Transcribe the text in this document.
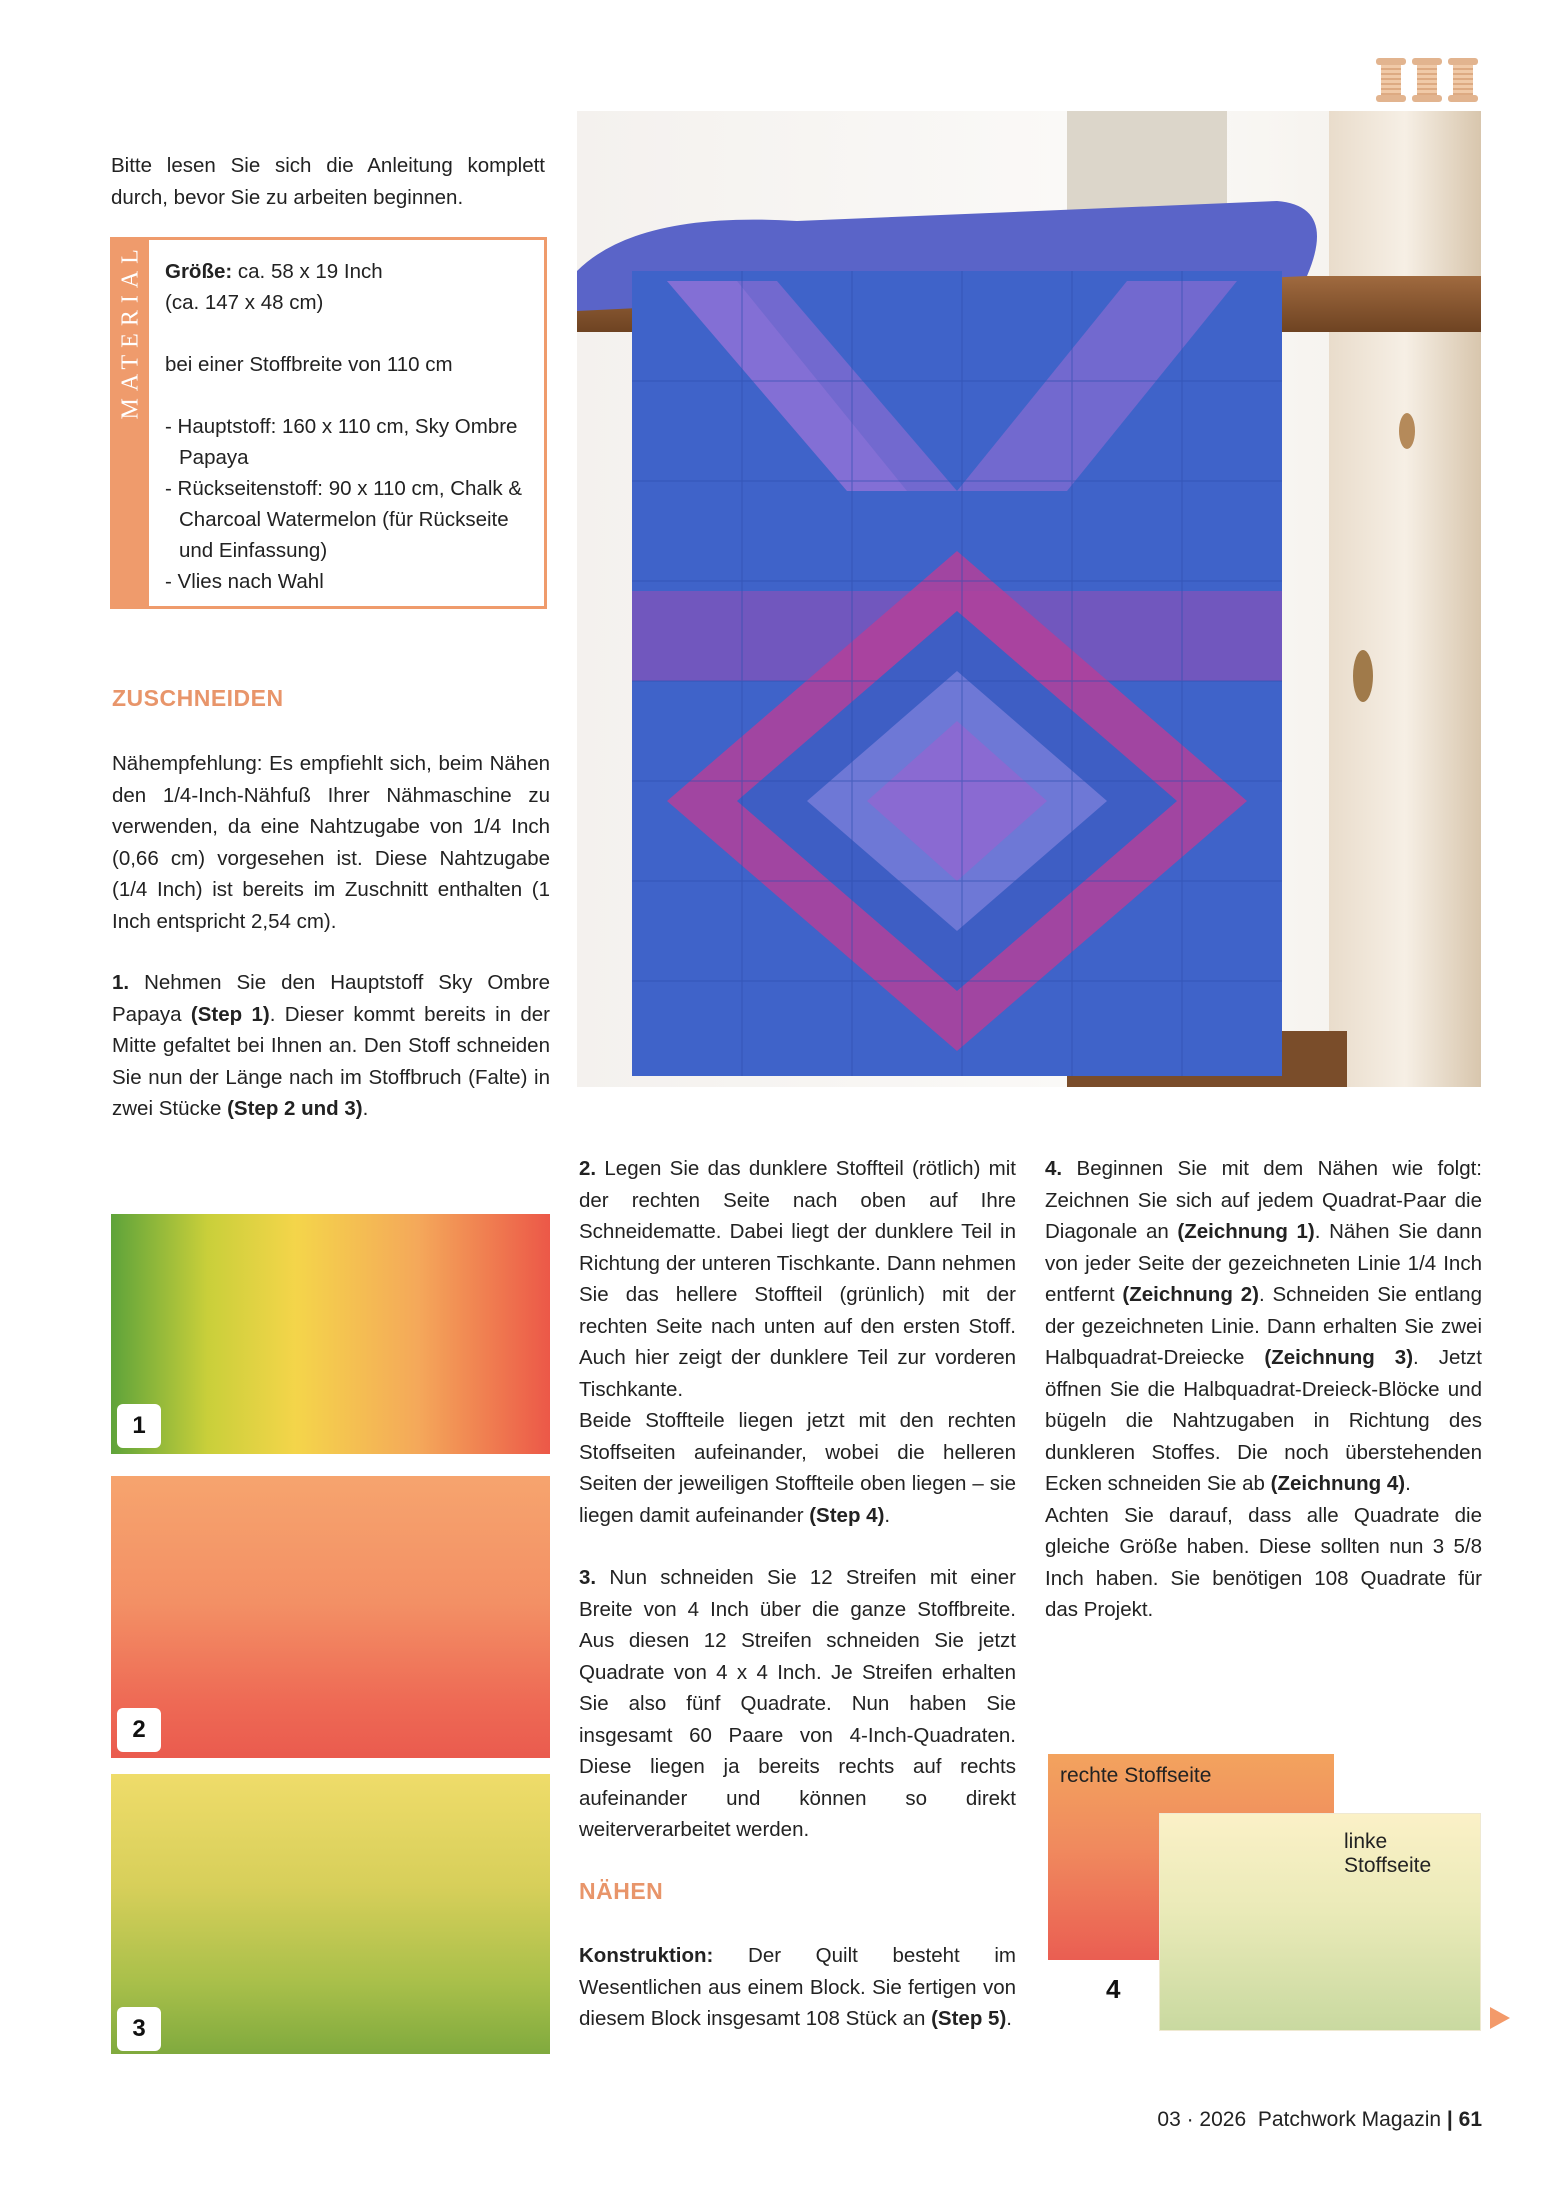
Bitte lesen Sie sich die Anleitung komplett durch, bevor Sie zu arbeiten beginnen.

MATERIAL Größe: ca. 58 x 19 Inch
(ca. 147 x 48 cm)
bei einer Stoffbreite von 110 cm
- Hauptstoff: 160 x 110 cm, Sky Ombre Papaya
- Rückseitenstoff: 90 x 110 cm, Chalk & Charcoal Watermelon (für Rückseite und Einfassung)
- Vlies nach Wahl
ZUSCHNEIDEN

Nähempfehlung: Es empfiehlt sich, beim Nähen den 1/4-Inch-Nähfuß Ihrer Nähmaschine zu verwenden, da eine Nahtzugabe von 1/4 Inch (0,66 cm) vorgesehen ist. Diese Nahtzugabe (1/4 Inch) ist bereits im Zuschnitt enthalten (1 Inch entspricht 2,54 cm).

1. Nehmen Sie den Hauptstoff Sky Ombre Papaya (Step 1). Dieser kommt bereits in der Mitte gefaltet bei Ihnen an. Den Stoff schneiden Sie nun der Länge nach im Stoffbruch (Falte) in zwei Stücke (Step 2 und 3).

1
2
3

2. Legen Sie das dunklere Stoffteil (rötlich) mit der rechten Seite nach oben auf Ihre Schneidematte. Dabei liegt der dunklere Teil in Richtung der unteren Tischkante. Dann nehmen Sie das hellere Stoffteil (grünlich) mit der rechten Seite nach unten auf den ersten Stoff. Auch hier zeigt der dunklere Teil zur vorderen Tischkante.
Beide Stoffteile liegen jetzt mit den rechten Stoffseiten aufeinander, wobei die helleren Seiten der jeweiligen Stoffteile oben liegen – sie liegen damit aufeinander (Step 4).

3. Nun schneiden Sie 12 Streifen mit einer Breite von 4 Inch über die ganze Stoffbreite. Aus diesen 12 Streifen schneiden Sie jetzt Quadrate von 4 x 4 Inch. Je Streifen erhalten Sie also fünf Quadrate. Nun haben Sie insgesamt 60 Paare von 4-Inch-Quadraten. Diese liegen ja bereits rechts auf rechts aufeinander und können so direkt weiterverarbeitet werden.

NÄHEN

Konstruktion: Der Quilt besteht im Wesentlichen aus einem Block. Sie fertigen von diesem Block insgesamt 108 Stück an (Step 5).

4. Beginnen Sie mit dem Nähen wie folgt: Zeichnen Sie sich auf jedem Quadrat-Paar die Diagonale an (Zeichnung 1). Nähen Sie dann von jeder Seite der gezeichneten Linie 1/4 Inch entfernt (Zeichnung 2). Schneiden Sie entlang der gezeichneten Linie. Dann erhalten Sie zwei Halbquadrat-Dreiecke (Zeichnung 3). Jetzt öffnen Sie die Halbquadrat-Dreieck-Blöcke und bügeln die Nahtzugaben in Richtung des dunkleren Stoffes. Die noch überstehenden Ecken schneiden Sie ab (Zeichnung 4).
Achten Sie darauf, dass alle Quadrate die gleiche Größe haben. Diese sollten nun 3 5/8 Inch haben. Sie benötigen 108 Quadrate für das Projekt.

rechte Stoffseite
linke Stoffseite
4
03 · 2026 Patchwork Magazin | 61
